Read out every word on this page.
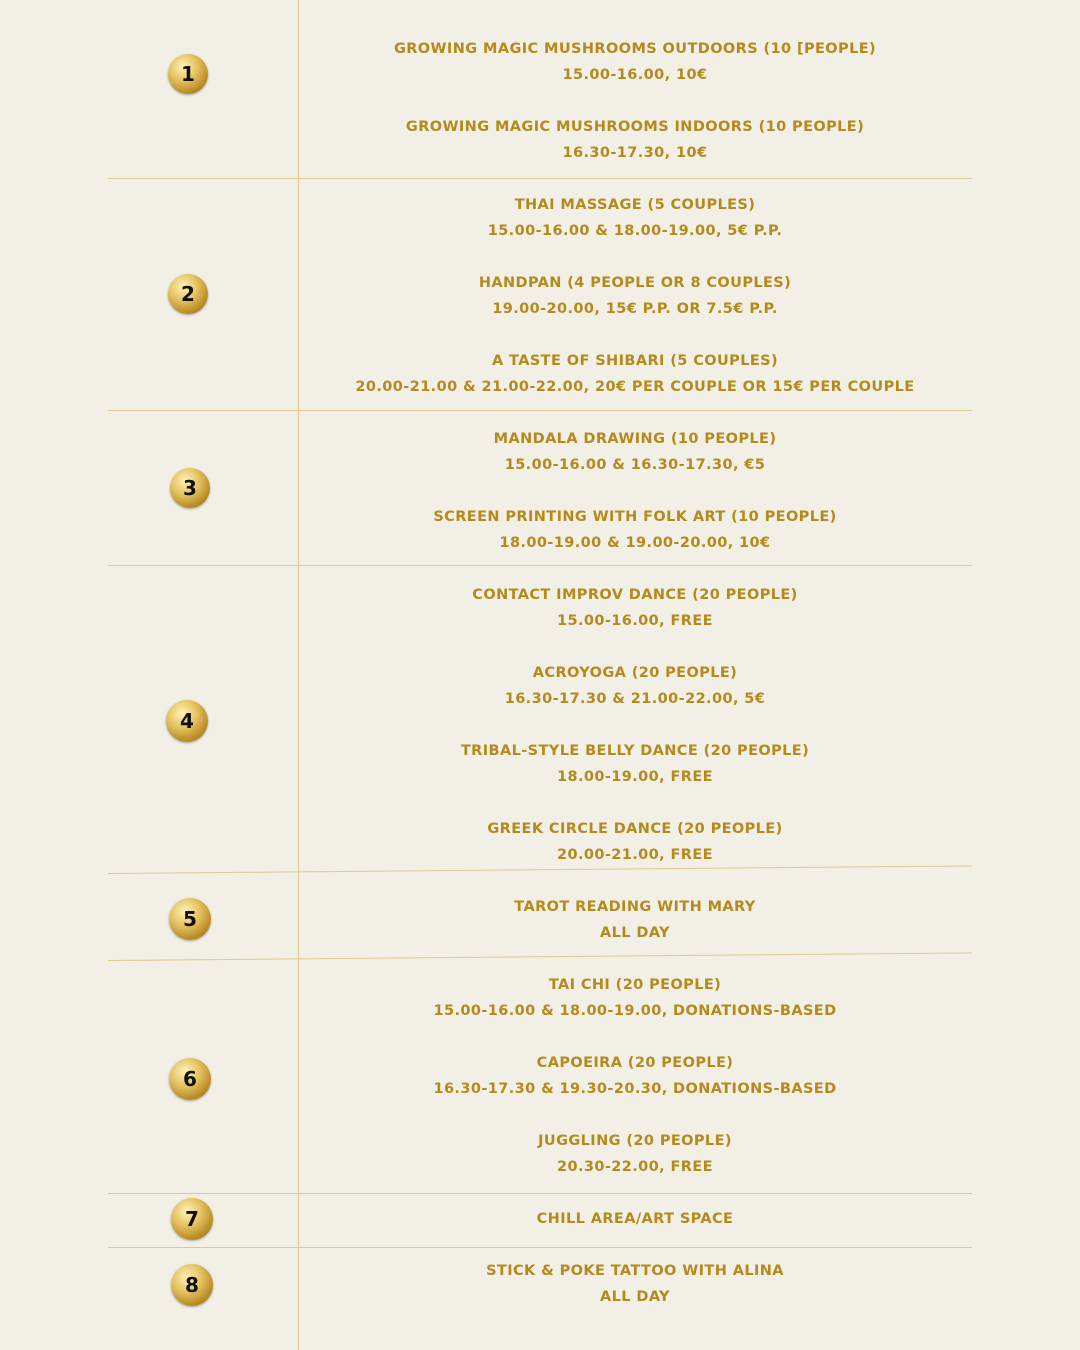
1
GROWING MAGIC MUSHROOMS OUTDOORS (10 [PEOPLE)
15.00-16.00, 10€
GROWING MAGIC MUSHROOMS INDOORS (10 PEOPLE)
16.30-17.30, 10€
2
THAI MASSAGE (5 COUPLES)
15.00-16.00 & 18.00-19.00, 5€ P.P.
HANDPAN (4 PEOPLE OR 8 COUPLES)
19.00-20.00, 15€ P.P. OR 7.5€ P.P.
A TASTE OF SHIBARI (5 COUPLES)
20.00-21.00 & 21.00-22.00, 20€ PER COUPLE OR 15€ PER COUPLE
3
MANDALA DRAWING (10 PEOPLE)
15.00-16.00 & 16.30-17.30, €5
SCREEN PRINTING WITH FOLK ART (10 PEOPLE)
18.00-19.00 & 19.00-20.00, 10€
4
CONTACT IMPROV DANCE (20 PEOPLE)
15.00-16.00, FREE
ACROYOGA (20 PEOPLE)
16.30-17.30 & 21.00-22.00, 5€
TRIBAL-STYLE BELLY DANCE (20 PEOPLE)
18.00-19.00, FREE
GREEK CIRCLE DANCE (20 PEOPLE)
20.00-21.00, FREE
5	TAROT READING WITH MARY
ALL DAY
6
TAI CHI (20 PEOPLE)
15.00-16.00 & 18.00-19.00, DONATIONS-BASED
CAPOEIRA (20 PEOPLE)
16.30-17.30 & 19.30-20.30, DONATIONS-BASED
JUGGLING (20 PEOPLE)
20.30-22.00, FREE
7	CHILL AREA/ART SPACE
8
STICK & POKE TATTOO WITH ALINA
ALL DAY
